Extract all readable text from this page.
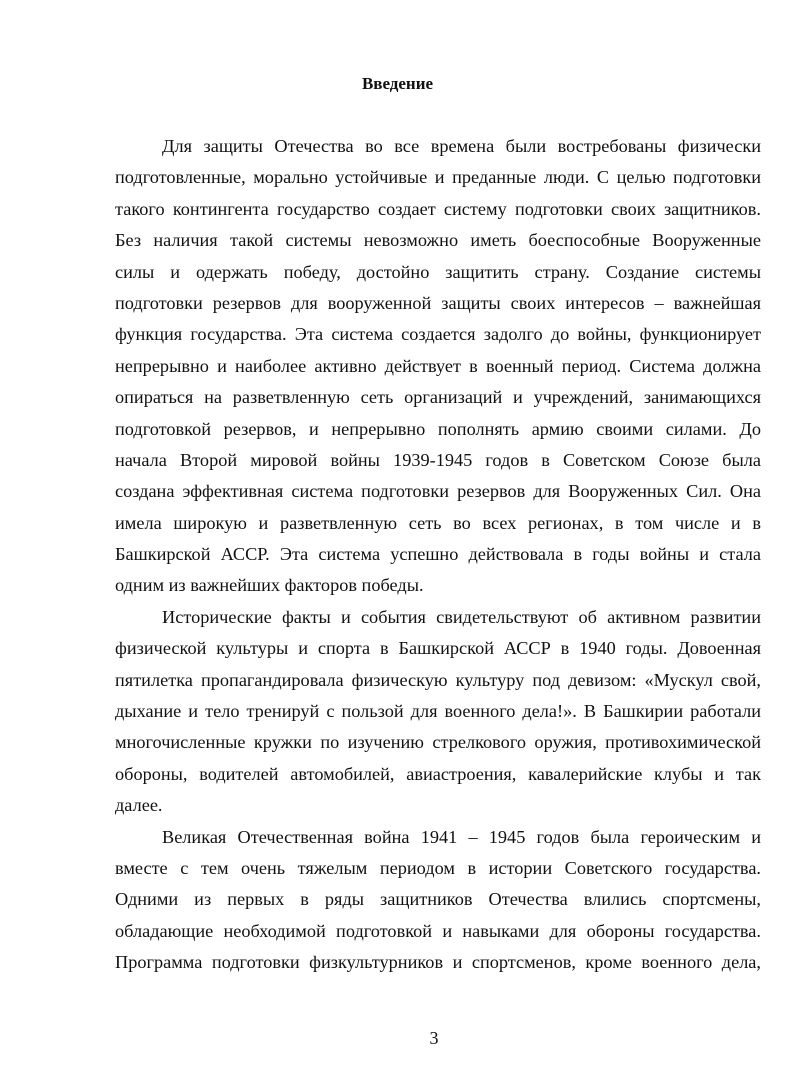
Введение
Для защиты Отечества во все времена были востребованы физически
подготовленные, морально устойчивые и преданные люди. С целью подготовки
такого контингента государство создает систему подготовки своих защитников.
Без наличия такой системы невозможно иметь боеспособные Вооруженные
силы и одержать победу, достойно защитить страну. Создание системы
подготовки резервов для вооруженной защиты своих интересов – важнейшая
функция государства. Эта система создается задолго до войны, функционирует
непрерывно и наиболее активно действует в военный период. Система должна
опираться на разветвленную сеть организаций и учреждений, занимающихся
подготовкой резервов, и непрерывно пополнять армию своими силами. До
начала Второй мировой войны 1939-1945 годов в Советском Союзе была
создана эффективная система подготовки резервов для Вооруженных Сил. Она
имела широкую и разветвленную сеть во всех регионах, в том числе и в
Башкирской АССР. Эта система успешно действовала в годы войны и стала
одним из важнейших факторов победы.
Исторические факты и события свидетельствуют об активном развитии
физической культуры и спорта в Башкирской АССР в 1940 годы. Довоенная
пятилетка пропагандировала физическую культуру под девизом: «Мускул свой,
дыхание и тело тренируй с пользой для военного дела!». В Башкирии работали
многочисленные кружки по изучению стрелкового оружия, противохимической
обороны, водителей автомобилей, авиастроения, кавалерийские клубы и так
далее.
Великая Отечественная война 1941 – 1945 годов была героическим и
вместе с тем очень тяжелым периодом в истории Советского государства.
Одними из первых в ряды защитников Отечества влились спортсмены,
обладающие необходимой подготовкой и навыками для обороны государства.
Программа подготовки физкультурников и спортсменов, кроме военного дела,
3
